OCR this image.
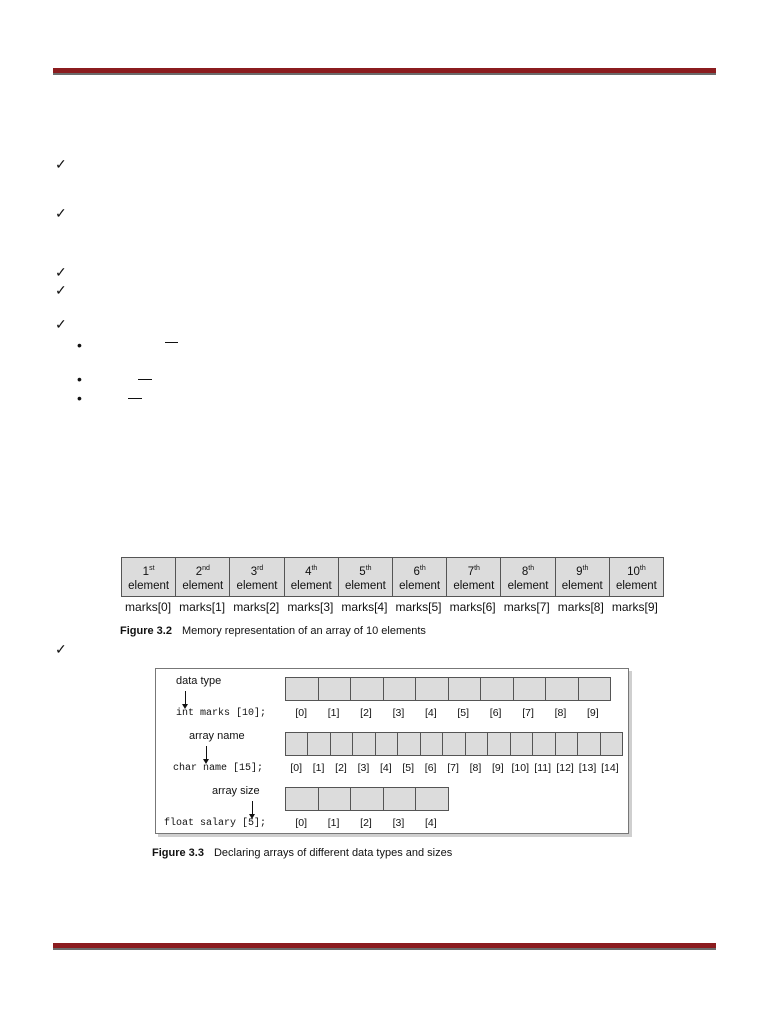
✓
✓
✓
✓
✓
•
•
•
✓
1st
element
2nd
element
3rd
element
4th
element
5th
element
6th
element
7th
element
8th
element
9th
element
10th
element
marks[0] marks[1] marks[2] marks[3] marks[4] marks[5] marks[6] marks[7] marks[8] marks[9]
Figure 3.2 Memory representation of an array of 10 elements
data type
int marks [10];
array name
char name [15];
array size
float salary [5];
[0]	[1]	[2]	[3]	[4]	[5]	[6]	[7]	[8]	[9]
[0]	[1]	[2]	[3]	[4]	[5]	[6]	[7]	[8]	[9] [10] [11] [12] [13] [14]
[0]	[1]	[2]	[3]	[4]
Figure 3.3 Declaring arrays of different data types and sizes
